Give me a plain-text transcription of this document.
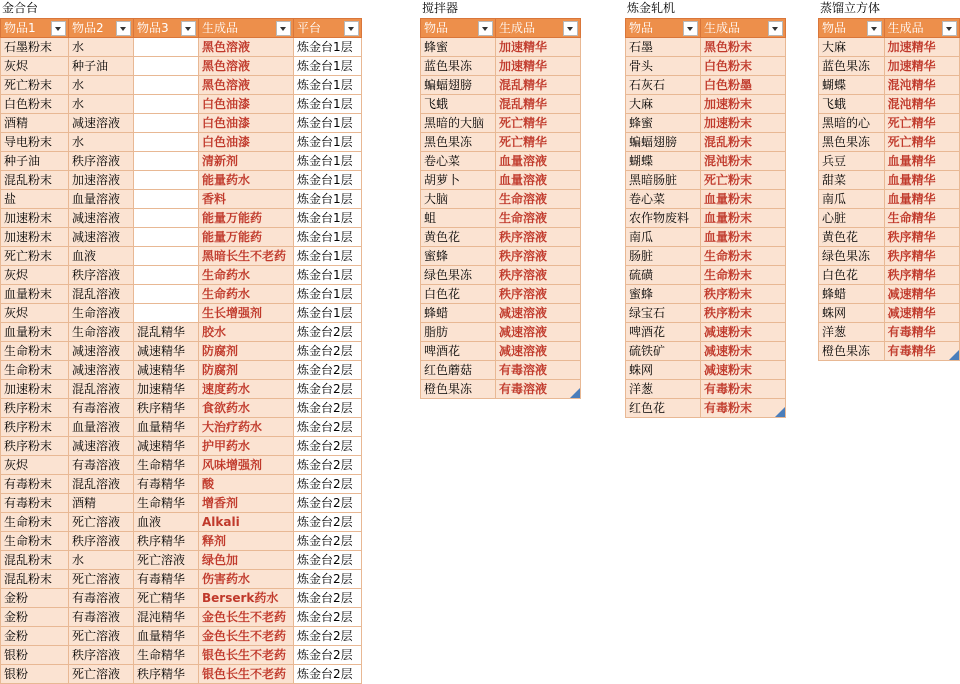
金合台
物品1	物品2	物品3	生成品	平台

石墨粉末	水		黑色溶液	炼金台1层
灰烬	种子油		黑色溶液	炼金台1层
死亡粉末	水		黑色溶液	炼金台1层
白色粉末	水		白色油漆	炼金台1层
酒精	减速溶液		白色油漆	炼金台1层
导电粉末	水		白色油漆	炼金台1层
种子油	秩序溶液		清新剂	炼金台1层
混乱粉末	加速溶液		能量药水	炼金台1层
盐	血量溶液		香料	炼金台1层
加速粉末	减速溶液		能量万能药	炼金台1层
加速粉末	减速溶液		能量万能药	炼金台1层
死亡粉末	血液		黑暗长生不老药	炼金台1层
灰烬	秩序溶液		生命药水	炼金台1层
血量粉末	混乱溶液		生命药水	炼金台1层
灰烬	生命溶液		生长增强剂	炼金台1层
血量粉末	生命溶液	混乱精华	胶水	炼金台2层
生命粉末	减速溶液	减速精华	防腐剂	炼金台2层
生命粉末	减速溶液	减速精华	防腐剂	炼金台2层
加速粉末	混乱溶液	加速精华	速度药水	炼金台2层
秩序粉末	有毒溶液	秩序精华	食欲药水	炼金台2层
秩序粉末	血量溶液	血量精华	大治疗药水	炼金台2层
秩序粉末	减速溶液	减速精华	护甲药水	炼金台2层
灰烬	有毒溶液	生命精华	风味增强剂	炼金台2层
有毒粉末	混乱溶液	有毒精华	酸	炼金台2层
有毒粉末	酒精	生命精华	增香剂	炼金台2层
生命粉末	死亡溶液	血液	Alkali	炼金台2层
生命粉末	秩序溶液	秩序精华	释剂	炼金台2层
混乱粉末	水	死亡溶液	绿色加	炼金台2层
混乱粉末	死亡溶液	有毒精华	伤害药水	炼金台2层
金粉	有毒溶液	死亡精华	Berserk药水	炼金台2层
金粉	有毒溶液	混沌精华	金色长生不老药	炼金台2层
金粉	死亡溶液	血量精华	金色长生不老药	炼金台2层
银粉	秩序溶液	生命精华	银色长生不老药	炼金台2层
银粉	死亡溶液	秩序精华	银色长生不老药	炼金台2层
搅拌器
物品	生成品

蜂蜜	加速精华
蓝色果冻	加速精华
蝙蝠翅膀	混乱精华
飞蛾	混乱精华
黑暗的大脑	死亡精华
黑色果冻	死亡精华
卷心菜	血量溶液
胡萝卜	血量溶液
大脑	生命溶液
蛆	生命溶液
黄色花	秩序溶液
蜜蜂	秩序溶液
绿色果冻	秩序溶液
白色花	秩序溶液
蜂蜡	减速溶液
脂肪	减速溶液
啤酒花	减速溶液
红色蘑菇	有毒溶液
橙色果冻	有毒溶液
炼金轧机
物品	生成品

石墨	黑色粉末
骨头	白色粉末
石灰石	白色粉墨
大麻	加速粉末
蜂蜜	加速粉末
蝙蝠翅膀	混乱粉末
蝴蝶	混沌粉末
黑暗肠脏	死亡粉末
卷心菜	血量粉末
农作物废料	血量粉末
南瓜	血量粉末
肠脏	生命粉末
硫磺	生命粉末
蜜蜂	秩序粉末
绿宝石	秩序粉末
啤酒花	减速粉末
硫铁矿	减速粉末
蛛网	减速粉末
洋葱	有毒粉末
红色花	有毒粉末
蒸馏立方体
物品	生成品

大麻	加速精华
蓝色果冻	加速精华
蝴蝶	混沌精华
飞蛾	混沌精华
黑暗的心	死亡精华
黑色果冻	死亡精华
兵豆	血量精华
甜菜	血量精华
南瓜	血量精华
心脏	生命精华
黄色花	秩序精华
绿色果冻	秩序精华
白色花	秩序精华
蜂蜡	减速精华
蛛网	减速精华
洋葱	有毒精华
橙色果冻	有毒精华
